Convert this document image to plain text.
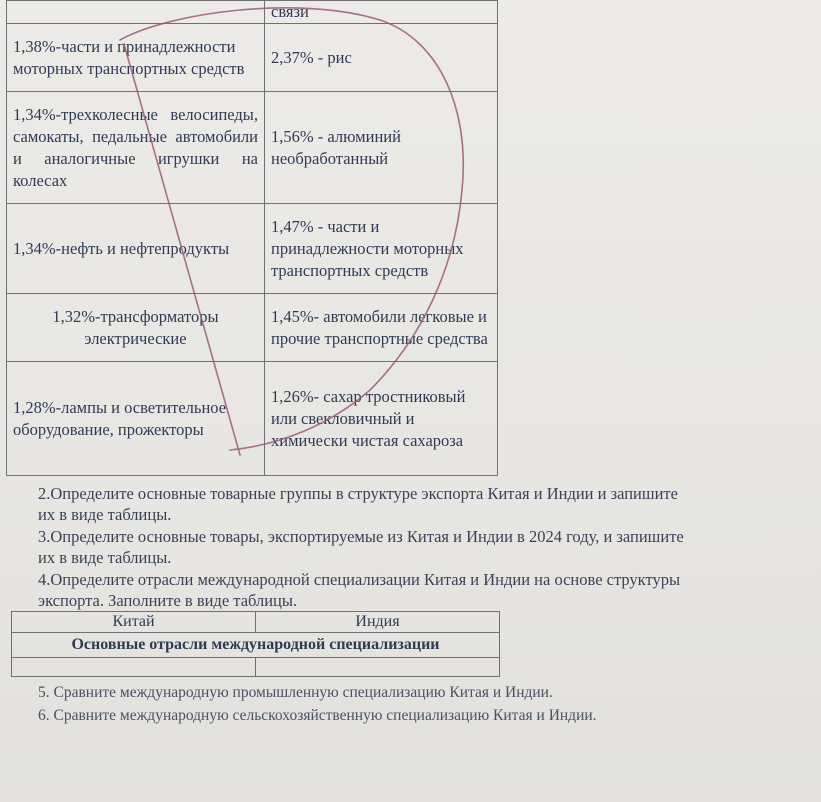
	связи
1,38%-части и принадлежности моторных транспортных средств	2,37% - рис
1,34%-трехколесные велосипеды, самокаты, педальные автомобили и аналогичные игрушки на колесах	1,56% - алюминий необработанный
1,34%-нефть и нефтепродукты	1,47% - части и принадлежности моторных транспортных средств
1,32%-трансформаторы электрические	1,45%- автомобили легковые и прочие транспортные средства
1,28%-лампы и осветительное оборудование, прожекторы	1,26%- сахар тростниковый или свекловичный и химически чистая сахароза
2.Определите основные товарные группы в структуре экспорта Китая и Индии и запишите
их в виде таблицы.
3.Определите основные товары, экспортируемые из Китая и Индии в 2024 году, и запишите
их в виде таблицы.
4.Определите отрасли международной специализации Китая и Индии на основе структуры
экспорта. Заполните в виде таблицы.
Китай	Индия
Основные отрасли международной специализации	

5. Сравните международную промышленную специализацию Китая и Индии.
6. Сравните международную сельскохозяйственную специализацию Китая и Индии.
